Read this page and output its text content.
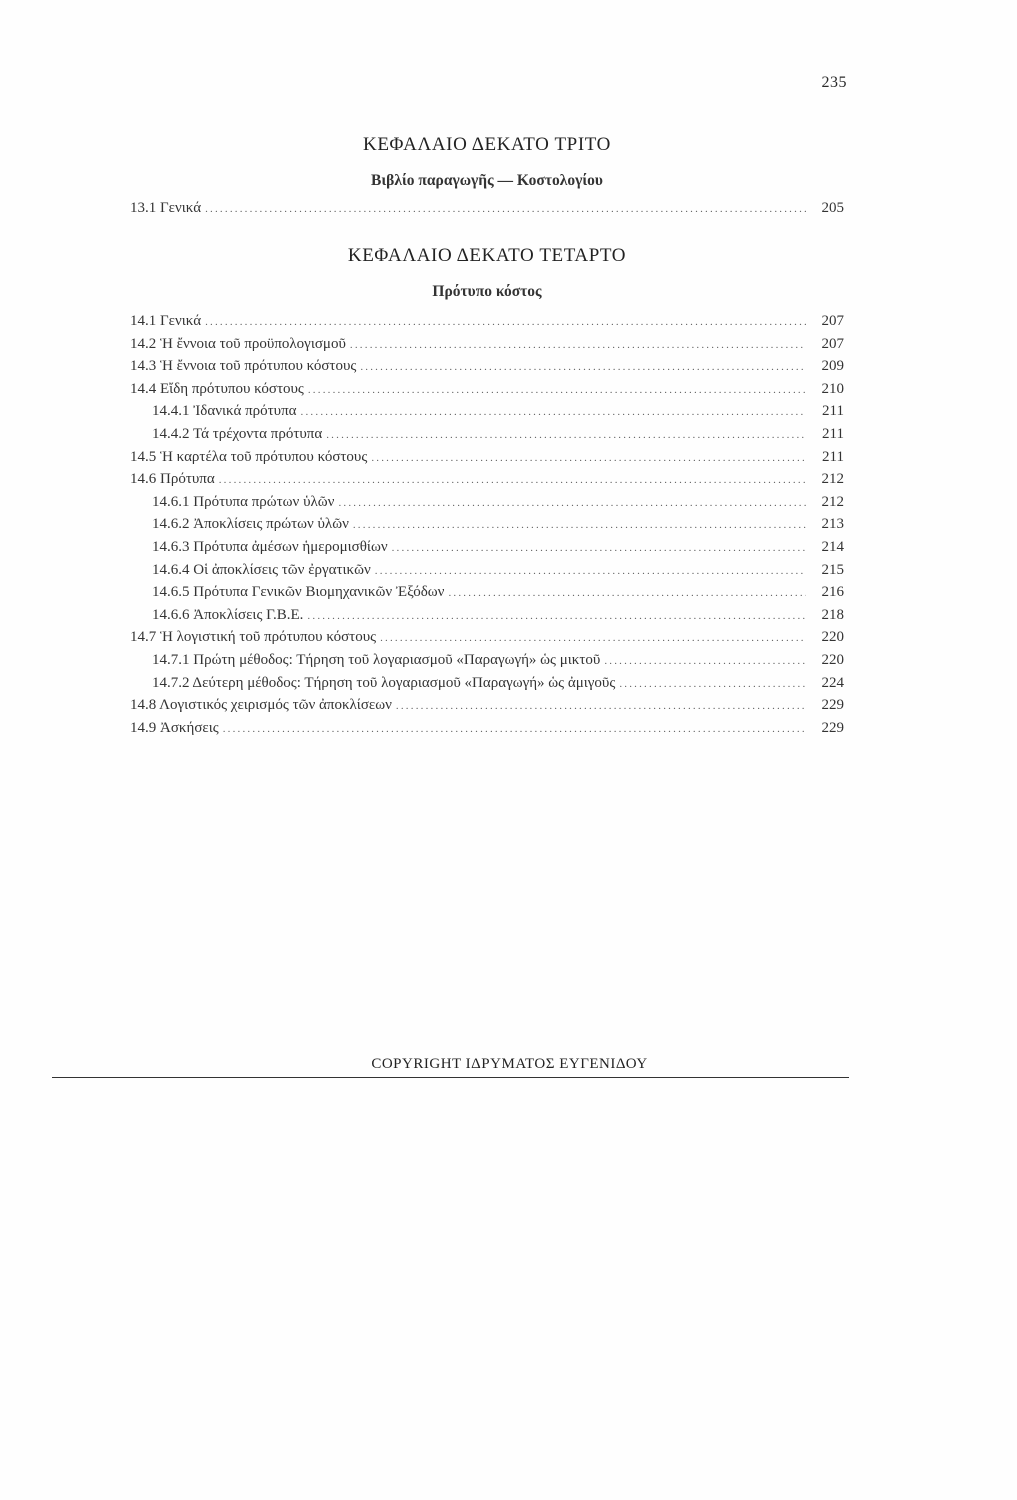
235
ΚΕΦΑΛΑΙΟ ΔΕΚΑΤΟ ΤΡΙΤΟ
Βιβλίο παραγωγῆς — Κοστολογίου
13.1 Γενικά .....	205
ΚΕΦΑΛΑΙΟ ΔΕΚΑΤΟ ΤΕΤΑΡΤΟ
Πρότυπο κόστος
14.1 Γενικά .....	207
14.2 Ἡ ἔννοια τοῦ προϋπολογισμοῦ .....	207
14.3 Ἡ ἔννοια τοῦ πρότυπου κόστους .....	209
14.4 Εἴδη πρότυπου κόστους .....	210
14.4.1 Ἰδανικά πρότυπα .....	211
14.4.2 Τά τρέχοντα πρότυπα .....	211
14.5 Ἡ καρτέλα τοῦ πρότυπου κόστους .....	211
14.6 Πρότυπα .....	212
14.6.1 Πρότυπα πρώτων ὑλῶν .....	212
14.6.2 Ἀποκλίσεις πρώτων ὑλῶν .....	213
14.6.3 Πρότυπα ἀμέσων ἡμερομισθίων .....	214
14.6.4 Οἱ ἀποκλίσεις τῶν ἐργατικῶν .....	215
14.6.5 Πρότυπα Γενικῶν Βιομηχανικῶν Ἐξόδων .....	216
14.6.6 Ἀποκλίσεις Γ.Β.Ε. .....	218
14.7 Ἡ λογιστική τοῦ πρότυπου κόστους .....	220
14.7.1 Πρώτη μέθοδος: Τήρηση τοῦ λογαριασμοῦ «Παραγωγή» ὡς μικτοῦ .....	220
14.7.2 Δεύτερη μέθοδος: Τήρηση τοῦ λογαριασμοῦ «Παραγωγή» ὡς ἀμιγοῦς .....	224
14.8 Λογιστικός χειρισμός τῶν ἀποκλίσεων .....	229
14.9 Ἀσκήσεις .....	229
COPYRIGHT ΙΔΡΥΜΑΤΟΣ ΕΥΓΕΝΙΔΟΥ
